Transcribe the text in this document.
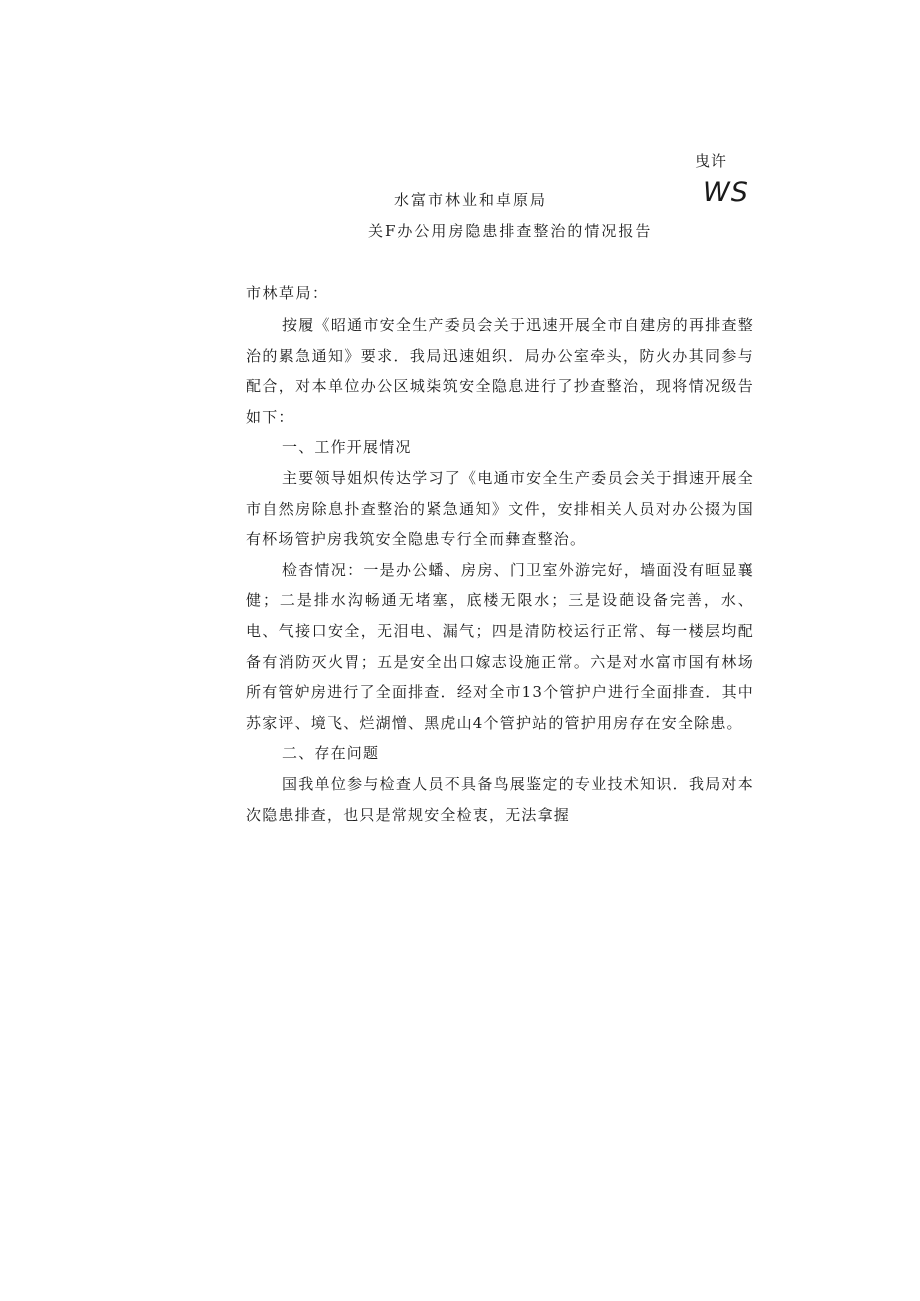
曳许
WS
水富市林业和卓原局
关F办公用房隐患排查整治的情况报告
市林草局：

按履《昭通市安全生产委员会关于迅速开展全市自建房的再排查整治的累急通知》要求．我局迅速姐织．局办公室牵头，防火办其同参与配合，对本单位办公区城柒筑安全隐息进行了抄查整治，现将情况级告如下：

一、工作开展情况

主要领导姐炽传达学习了《电通市安全生产委员会关于揖速开展全市自然房除息扑查整治的紧急通知》文件，安排相关人员对办公掇为国有杯场管护房我筑安全隐患专行全而彝查整治。

检杳情况：一是办公蟠、房房、门卫室外游完好，墙面没有晅显襄健；二是排水沟畅通无堵塞，底楼无限水；三是设葩设备完善，水、电、气接口安全，无泪电、漏气；四是清防校运行正常、每一楼层均配备有消防灭火胃；五是安全出口嫁志设施正常。六是对水富市国有林场所有管妒房进行了全面排查．经对全市13个管护户进行全面排查．其中苏家评、境飞、烂湖憎、黑虎山4个管护站的管护用房存在安全除患。

二、存在问题

国我单位参与检查人员不具备鸟展鉴定的专业技术知识．我局对本次隐患排查，也只是常规安全检衷，无法拿握
